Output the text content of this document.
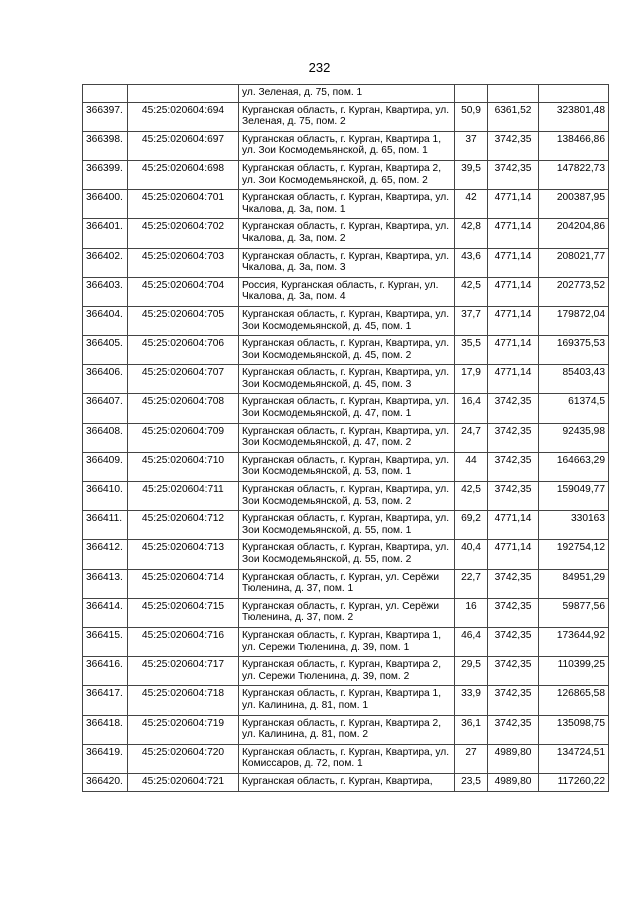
232
		ул. Зеленая, д. 75, пом. 1			
366397.	45:25:020604:694	Курганская область, г. Курган, Квартира, ул. Зеленая, д. 75, пом. 2	50,9	6361,52	323801,48
366398.	45:25:020604:697	Курганская область, г. Курган, Квартира 1, ул. Зои Космодемьянской, д. 65, пом. 1	37	3742,35	138466,86
366399.	45:25:020604:698	Курганская область, г. Курган, Квартира 2, ул. Зои Космодемьянской, д. 65, пом. 2	39,5	3742,35	147822,73
366400.	45:25:020604:701	Курганская область, г. Курган, Квартира, ул. Чкалова, д. 3а, пом. 1	42	4771,14	200387,95
366401.	45:25:020604:702	Курганская область, г. Курган, Квартира, ул. Чкалова, д. 3а, пом. 2	42,8	4771,14	204204,86
366402.	45:25:020604:703	Курганская область, г. Курган, Квартира, ул. Чкалова, д. 3а, пом. 3	43,6	4771,14	208021,77
366403.	45:25:020604:704	Россия, Курганская область, г. Курган, ул. Чкалова, д. 3а, пом. 4	42,5	4771,14	202773,52
366404.	45:25:020604:705	Курганская область, г. Курган, Квартира, ул. Зои Космодемьянской, д. 45, пом. 1	37,7	4771,14	179872,04
366405.	45:25:020604:706	Курганская область, г. Курган, Квартира, ул. Зои Космодемьянской, д. 45, пом. 2	35,5	4771,14	169375,53
366406.	45:25:020604:707	Курганская область, г. Курган, Квартира, ул. Зои Космодемьянской, д. 45, пом. 3	17,9	4771,14	85403,43
366407.	45:25:020604:708	Курганская область, г. Курган, Квартира, ул. Зои Космодемьянской, д. 47, пом. 1	16,4	3742,35	61374,5
366408.	45:25:020604:709	Курганская область, г. Курган, Квартира, ул. Зои Космодемьянской, д. 47, пом. 2	24,7	3742,35	92435,98
366409.	45:25:020604:710	Курганская область, г. Курган, Квартира, ул. Зои Космодемьянской, д. 53, пом. 1	44	3742,35	164663,29
366410.	45:25:020604:711	Курганская область, г. Курган, Квартира, ул. Зои Космодемьянской, д. 53, пом. 2	42,5	3742,35	159049,77
366411.	45:25:020604:712	Курганская область, г. Курган, Квартира, ул. Зои Космодемьянской, д. 55, пом. 1	69,2	4771,14	330163
366412.	45:25:020604:713	Курганская область, г. Курган, Квартира, ул. Зои Космодемьянской, д. 55, пом. 2	40,4	4771,14	192754,12
366413.	45:25:020604:714	Курганская область, г. Курган, ул. Серёжи Тюленина, д. 37, пом. 1	22,7	3742,35	84951,29
366414.	45:25:020604:715	Курганская область, г. Курган, ул. Серёжи Тюленина, д. 37, пом. 2	16	3742,35	59877,56
366415.	45:25:020604:716	Курганская область, г. Курган, Квартира 1, ул. Сережи Тюленина, д. 39, пом. 1	46,4	3742,35	173644,92
366416.	45:25:020604:717	Курганская область, г. Курган, Квартира 2, ул. Сережи Тюленина, д. 39, пом. 2	29,5	3742,35	110399,25
366417.	45:25:020604:718	Курганская область, г. Курган, Квартира 1, ул. Калинина, д. 81, пом. 1	33,9	3742,35	126865,58
366418.	45:25:020604:719	Курганская область, г. Курган, Квартира 2, ул. Калинина, д. 81, пом. 2	36,1	3742,35	135098,75
366419.	45:25:020604:720	Курганская область, г. Курган, Квартира, ул. Комиссаров, д. 72, пом. 1	27	4989,80	134724,51
366420.	45:25:020604:721	Курганская область, г. Курган, Квартира,	23,5	4989,80	117260,22
